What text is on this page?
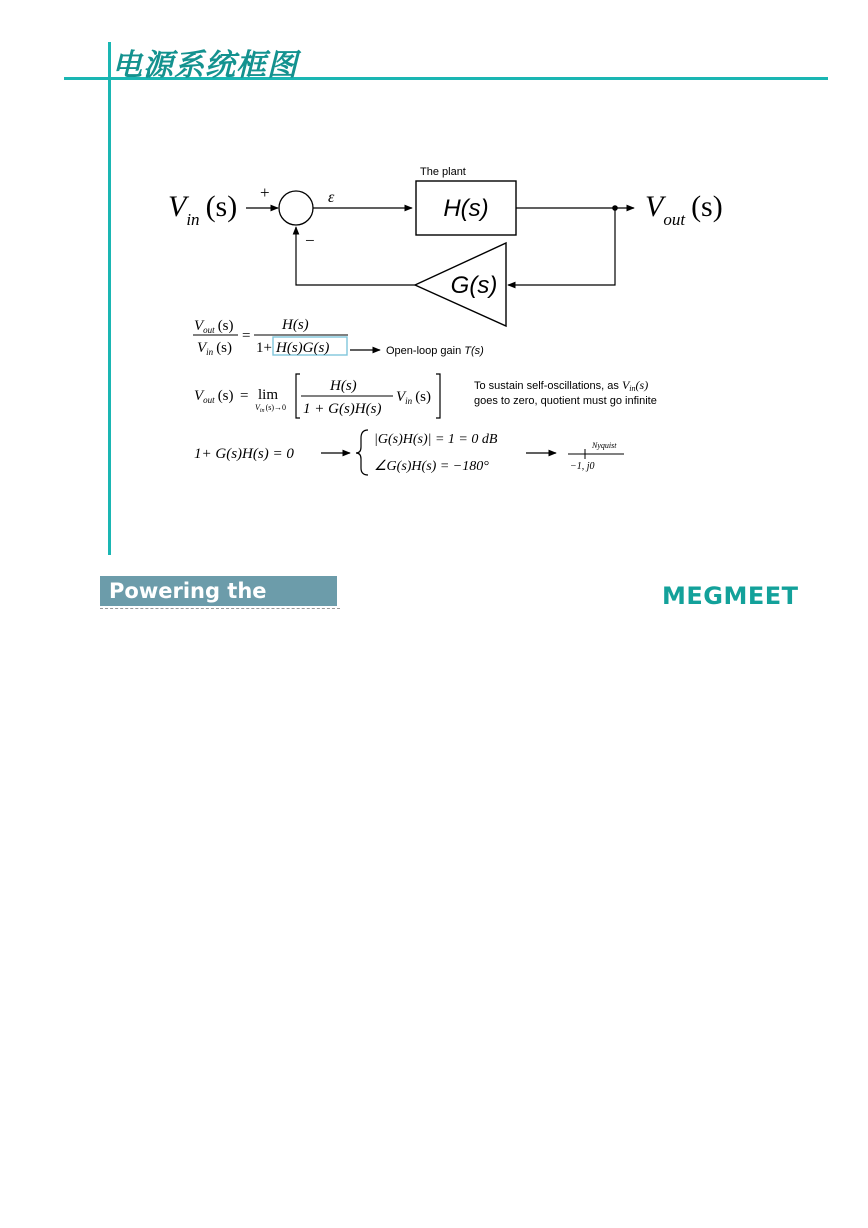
电源系统框图
$V_{in}$ (s) +	ε
The plant
H(s)	$V_{out}$ (s)
G(s)
−
$V_{out}$ (s)
$V_{in}$ (s)
=
H(s)
1+ H(s)G(s)	Open-loop gain T(s)
$V_{out}$ (s) = lim
$V_{in}(s)\to 0$
H(s)
1 + G(s)H(s)
$V_{in}$ (s)
To sustain self-oscillations, as Vin(s)
goes to zero, quotient must go infinite
1+ G(s)H(s) = 0
|G(s)H(s)| = 1 = 0 dB
∠G(s)H(s) = −180°
Nyquist
−1, j0
Powering the Future
MEGMEET
